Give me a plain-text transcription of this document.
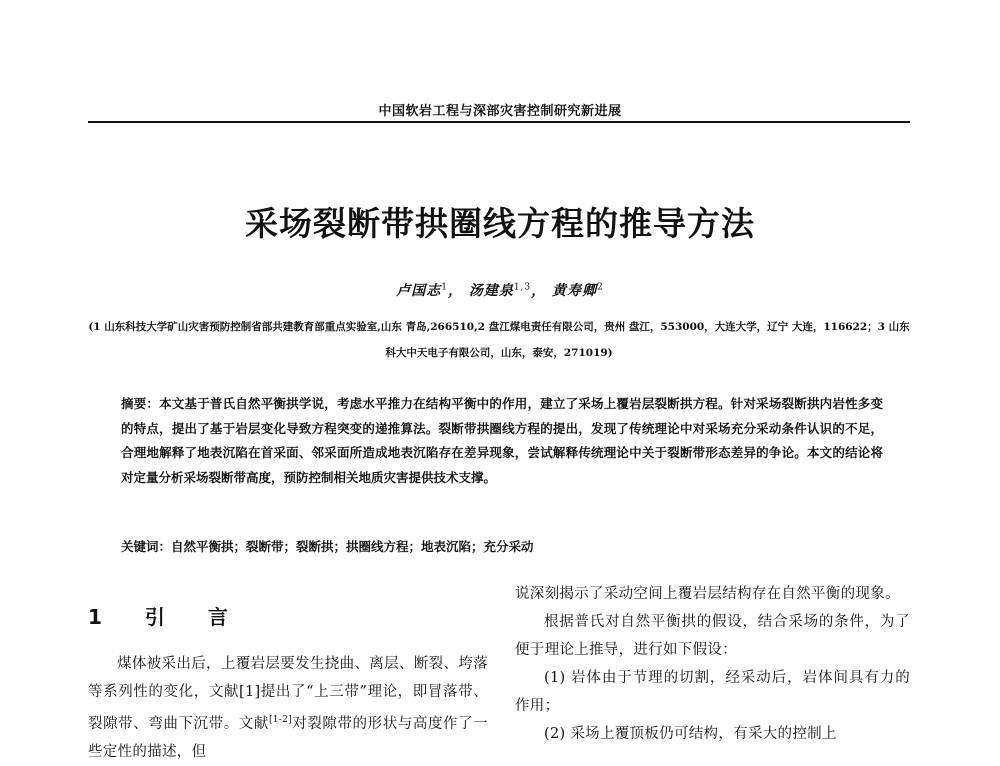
中国软岩工程与深部灾害控制研究新进展
采场裂断带拱圈线方程的推导方法
卢国志$^1$， 汤建泉$^{1,3}$， 黄寿卿$^2$
(1 山东科技大学矿山灾害预防控制省部共建教育部重点实验室,山东 青岛,266510,2 盘江煤电责任有限公司，贵州 盘江，553000，大连大学，辽宁 大连，116622；3 山东科大中天电子有限公司，山东，泰安，271019)
摘要：本文基于普氏自然平衡拱学说，考虑水平推力在结构平衡中的作用，建立了采场上覆岩层裂断拱方程。针对采场裂断拱内岩性多变的特点，提出了基于岩层变化导致方程突变的递推算法。裂断带拱圈线方程的提出，发现了传统理论中对采场充分采动条件认识的不足，合理地解释了地表沉陷在首采面、邻采面所造成地表沉陷存在差异现象，尝试解释传统理论中关于裂断带形态差异的争论。本文的结论将对定量分析采场裂断带高度，预防控制相关地质灾害提供技术支撑。
关键词：自然平衡拱；裂断带；裂断拱；拱圈线方程；地表沉陷；充分采动
1 引 言

煤体被采出后，上覆岩层要发生挠曲、离层、断裂、垮落等系列性的变化，文献[1]提出了“上三带”理论，即冒落带、裂隙带、弯曲下沉带。文献[1-2]对裂隙带的形状与高度作了一些定性的描述，但

说深刻揭示了采动空间上覆岩层结构存在自然平衡的现象。

根据普氏对自然平衡拱的假设，结合采场的条件，为了便于理论上推导，进行如下假设：

(1) 岩体由于节理的切割，经采动后，岩体间具有力的作用；

(2) 采场上覆顶板仍可结构，有采大的控制上
